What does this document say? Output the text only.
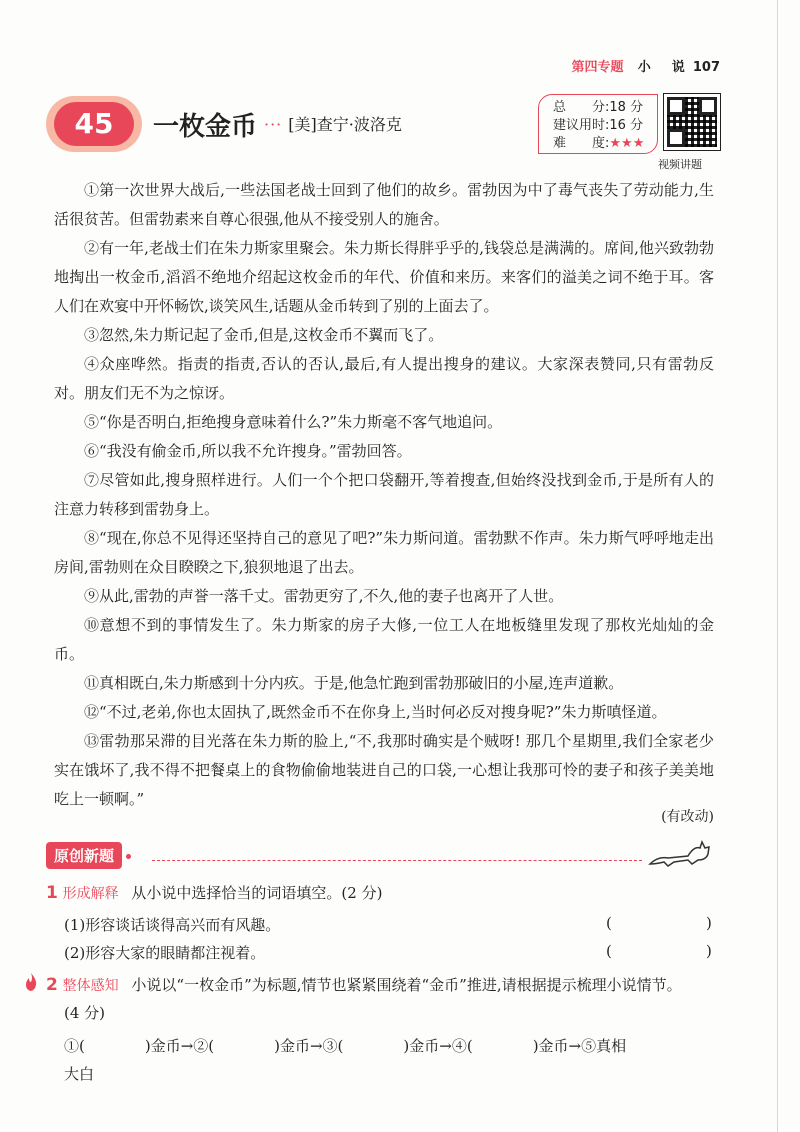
第四专题 小　说 107
45	一枚金币 ··· [美]查宁·波洛克
总　　分:18 分
建议用时:16 分
难　　度:★★★
视频讲题

①第一次世界大战后,一些法国老战士回到了他们的故乡。雷勃因为中了毒气丧失了劳动能力,生活很贫苦。但雷勃素来自尊心很强,他从不接受别人的施舍。

②有一年,老战士们在朱力斯家里聚会。朱力斯长得胖乎乎的,钱袋总是满满的。席间,他兴致勃勃地掏出一枚金币,滔滔不绝地介绍起这枚金币的年代、价值和来历。来客们的溢美之词不绝于耳。客人们在欢宴中开怀畅饮,谈笑风生,话题从金币转到了别的上面去了。

③忽然,朱力斯记起了金币,但是,这枚金币不翼而飞了。

④众座哗然。指责的指责,否认的否认,最后,有人提出搜身的建议。大家深表赞同,只有雷勃反对。朋友们无不为之惊讶。

⑤“你是否明白,拒绝搜身意味着什么?”朱力斯毫不客气地追问。

⑥“我没有偷金币,所以我不允许搜身。”雷勃回答。

⑦尽管如此,搜身照样进行。人们一个个把口袋翻开,等着搜查,但始终没找到金币,于是所有人的注意力转移到雷勃身上。

⑧“现在,你总不见得还坚持自己的意见了吧?”朱力斯问道。雷勃默不作声。朱力斯气呼呼地走出房间,雷勃则在众目睽睽之下,狼狈地退了出去。

⑨从此,雷勃的声誉一落千丈。雷勃更穷了,不久,他的妻子也离开了人世。

⑩意想不到的事情发生了。朱力斯家的房子大修,一位工人在地板缝里发现了那枚光灿灿的金币。

⑪真相既白,朱力斯感到十分内疚。于是,他急忙跑到雷勃那破旧的小屋,连声道歉。

⑫“不过,老弟,你也太固执了,既然金币不在你身上,当时何必反对搜身呢?”朱力斯嗔怪道。

⑬雷勃那呆滞的目光落在朱力斯的脸上,“不,我那时确实是个贼呀! 那几个星期里,我们全家老少实在饿坏了,我不得不把餐桌上的食物偷偷地装进自己的口袋,一心想让我那可怜的妻子和孩子美美地吃上一顿啊。”

(有改动)
原创新题
1 形成解释 从小说中选择恰当的词语填空。(2 分)
(1)形容谈话谈得高兴而有风趣。	(	)
(2)形容大家的眼睛都注视着。	(	)
2 整体感知 小说以“一枚金币”为标题,情节也紧紧围绕着“金币”推进,请根据提示梳理小说情节。
(4 分)
①(　　　　)金币→②(　　　　)金币→③(　　　　)金币→④(　　　　)金币→⑤真相
大白
